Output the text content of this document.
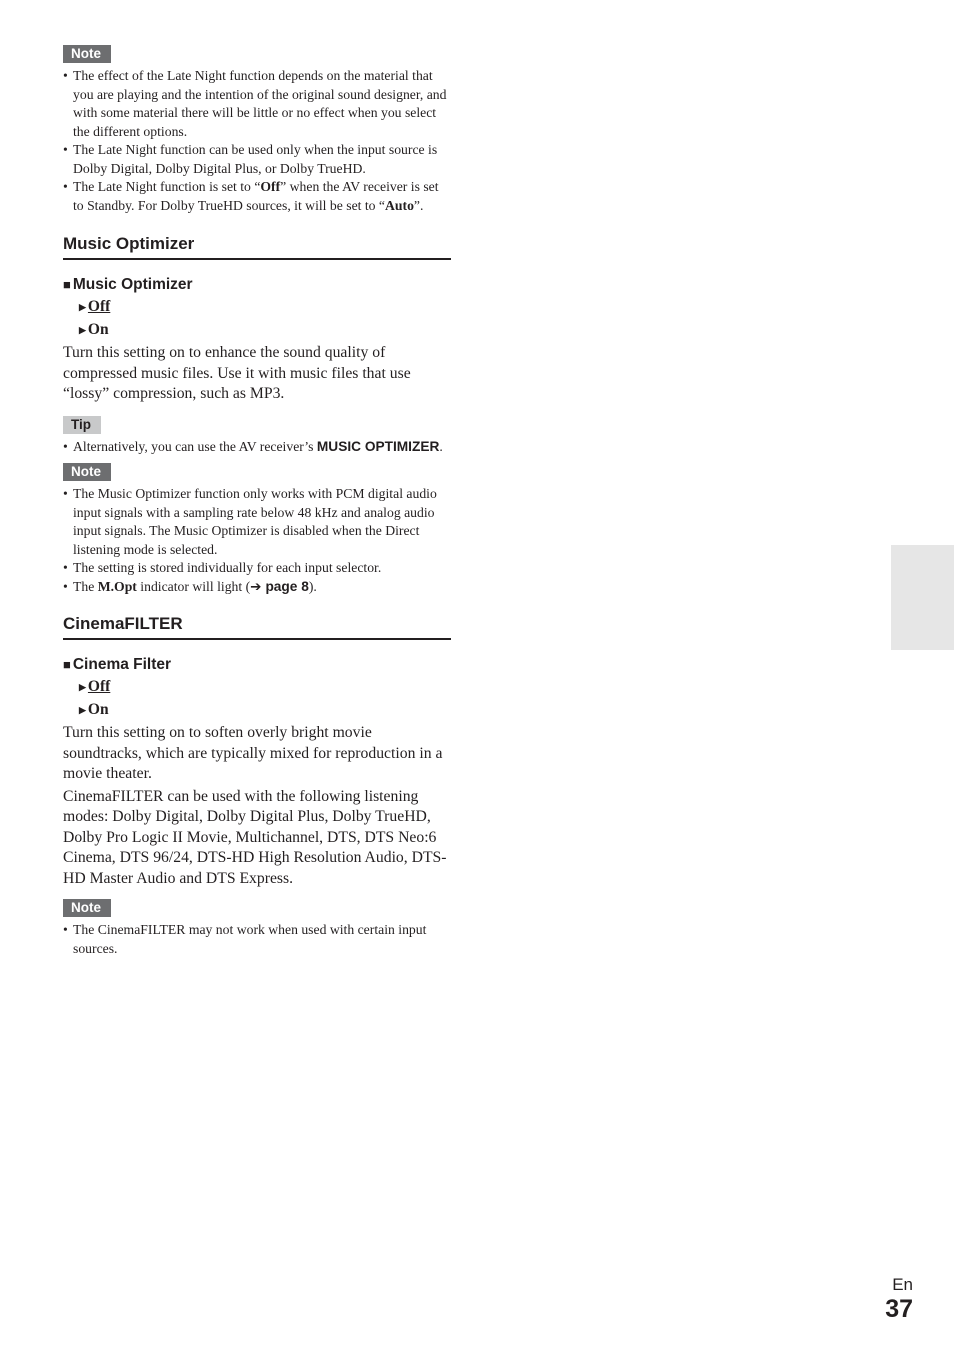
Note
• The effect of the Late Night function depends on the material that you are playing and the intention of the original sound designer, and with some material there will be little or no effect when you select the different options.
• The Late Night function can be used only when the input source is Dolby Digital, Dolby Digital Plus, or Dolby TrueHD.
• The Late Night function is set to “Off” when the AV receiver is set to Standby. For Dolby TrueHD sources, it will be set to “Auto”.
Music Optimizer
■ Music Optimizer
▶ Off
▶ On

Turn this setting on to enhance the sound quality of compressed music files. Use it with music files that use “lossy” compression, such as MP3.

Tip
• Alternatively, you can use the AV receiver’s MUSIC OPTIMIZER.
Note
• The Music Optimizer function only works with PCM digital audio input signals with a sampling rate below 48 kHz and analog audio input signals. The Music Optimizer is disabled when the Direct listening mode is selected.
• The setting is stored individually for each input selector.
• The M.Opt indicator will light (➔ page 8).
CinemaFILTER
■ Cinema Filter
▶ Off
▶ On

Turn this setting on to soften overly bright movie soundtracks, which are typically mixed for reproduction in a movie theater.

CinemaFILTER can be used with the following listening modes: Dolby Digital, Dolby Digital Plus, Dolby TrueHD, Dolby Pro Logic II Movie, Multichannel, DTS, DTS Neo:6 Cinema, DTS 96/24, DTS-HD High Resolution Audio, DTS-HD Master Audio and DTS Express.

Note
• The CinemaFILTER may not work when used with certain input sources.
En
37
